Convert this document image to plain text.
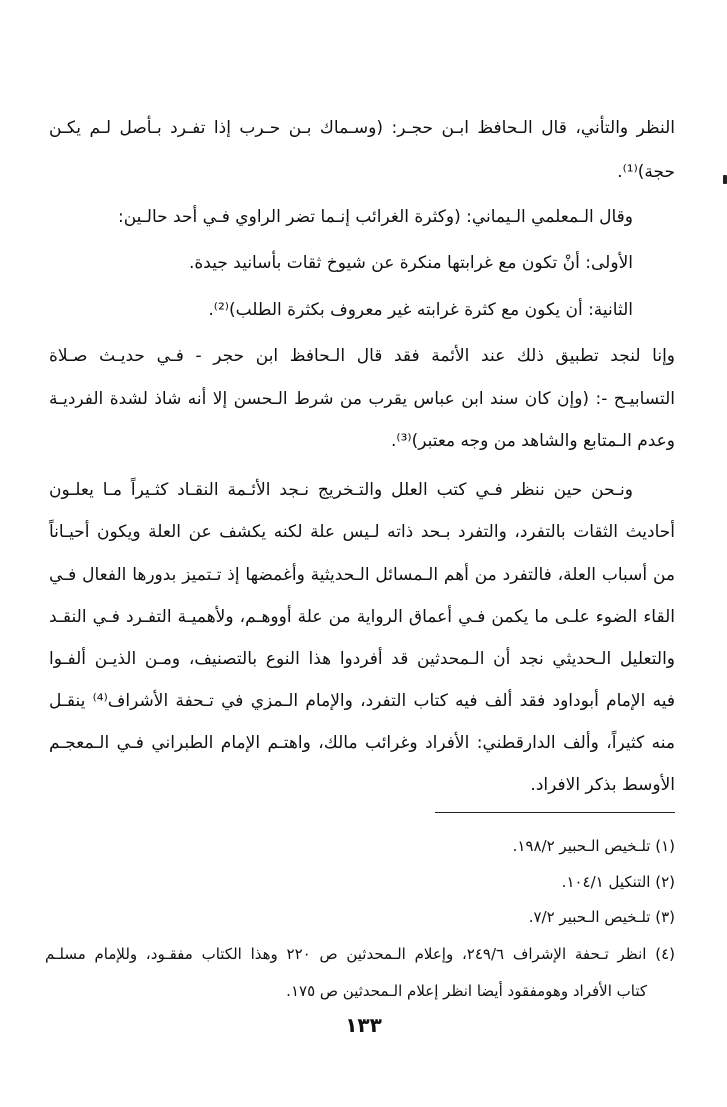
النظر والتأني، قال الـحافظ ابـن حجـر: (وسـماك بـن حـرب إذا تفـرد بـأصل لـم يكـن
حجة)⁽¹⁾.
وقال الـمعلمي الـيماني: (وكثرة الغرائب إنـما تضر الراوي فـي أحد حالـين:
الأولى: أنْ تكون مع غرابتها منكرة عن شيوخ ثقات بأسانيد جيدة.
الثانية: أن يكون مع كثرة غرابته غير معروف بكثرة الطلب)⁽²⁾.
وإنا لنجد تطبيق ذلك عند الأئمة فقد قال الـحافظ ابن حجر - فـي حديـث صـلاة
التسابيـح -: (وإن كان سند ابن عباس يقرب من شرط الـحسن إلا أنه شاذ لشدة الفرديـة
وعدم الـمتابع والشاهد من وجه معتبر)⁽³⁾.
ونـحن حين ننظر فـي كتب العلل والتـخريج نـجد الأئـمة النقـاد كثـيراً مـا يعلـون
أحاديث الثقات بالتفرد، والتفرد بـحد ذاته لـيس علة لكنه يكشف عن العلة ويكون أحيـاناً
من أسباب العلة، فالتفرد من أهم الـمسائل الـحديثية وأغمضها إذ تـتميز بدورها الفعال فـي
القاء الضوء علـى ما يكمن فـي أعماق الرواية من علة أووهـم، ولأهميـة التفـرد فـي النقـد
والتعليل الـحديثي نجد أن الـمحدثين قد أفردوا هذا النوع بالتصنيف، ومـن الذيـن ألفـوا
فيه الإمام أبوداود فقد ألف فيه كتاب التفرد، والإمام الـمزي في تـحفة الأشراف⁽⁴⁾ ينقـل
منه كثيراً، وألف الدارقطني: الأفراد وغرائب مالك، واهتـم الإمام الطبراني فـي الـمعجـم
الأوسط بذكر الافراد.
(١) تلـخيص الـحبير ١٩٨/٢.
(٢) التنكيل ١٠٤/١.
(٣) تلـخيص الـحبير ٧/٢.
(٤) انظر تـحفة الإشراف ٢٤٩/٦، وإعلام الـمحدثين ص ٢٢٠ وهذا الكتاب مفقـود، وللإمام مسلـم
كتاب الأفراد وهومفقود أيضا انظر إعلام الـمحدثين ص ١٧٥.
١٣٣
